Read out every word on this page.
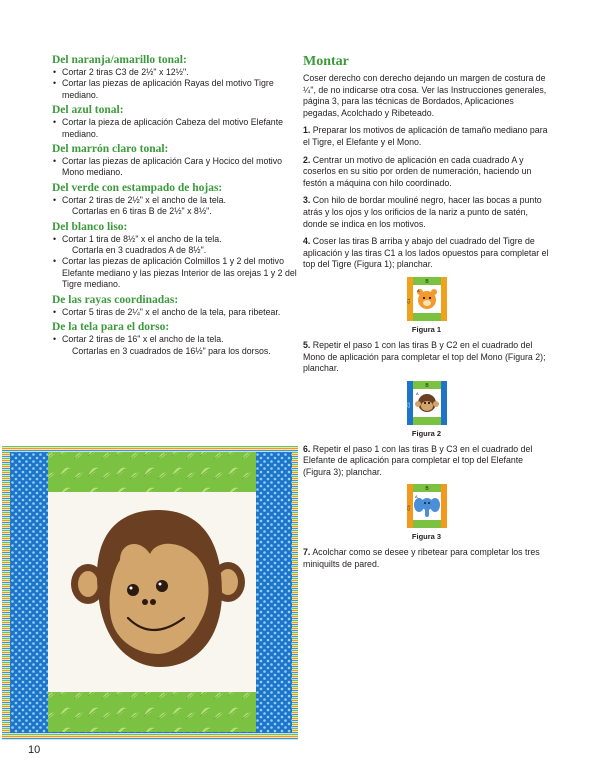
Del naranja/amarillo tonal:
• Cortar 2 tiras C3 de 2½" x 12½".
• Cortar las piezas de aplicación Rayas del motivo Tigre mediano.
Del azul tonal:
• Cortar la pieza de aplicación Cabeza del motivo Elefante mediano.
Del marrón claro tonal:
• Cortar las piezas de aplicación Cara y Hocico del motivo Mono mediano.
Del verde con estampado de hojas:
• Cortar 2 tiras de 2½" x el ancho de la tela.
Cortarlas en 6 tiras B de 2½" x 8½".
Del blanco liso:
• Cortar 1 tira de 8½" x el ancho de la tela.
Cortarla en 3 cuadrados A de 8½".
• Cortar las piezas de aplicación Colmillos 1 y 2 del motivo Elefante mediano y las piezas Interior de las orejas 1 y 2 del Tigre mediano.
De las rayas coordinadas:
• Cortar 5 tiras de 2¼" x el ancho de la tela, para ribetear.
De la tela para el dorso:
• Cortar 2 tiras de 16" x el ancho de la tela.
Cortarlas en 3 cuadrados de 16½" para los dorsos.
Montar

Coser derecho con derecho dejando un margen de costura de ¼", de no indicarse otra cosa. Ver las Instrucciones generales, página 3, para las técnicas de Bordados, Aplicaciones pegadas, Acolchado y Ribeteado.

1. Preparar los motivos de aplicación de tamaño mediano para el Tigre, el Elefante y el Mono.

2. Centrar un motivo de aplicación en cada cuadrado A y coserlos en su sitio por orden de numeración, haciendo un festón a máquina con hilo coordinado.

3. Con hilo de bordar mouliné negro, hacer las bocas a punto atrás y los ojos y los orificios de la nariz a punto de satén, donde se indica en los motivos.

4. Coser las tiras B arriba y abajo del cuadrado del Tigre de aplicación y las tiras C1 a los lados opuestos para completar el top del Tigre (Figura 1); planchar.

B
C1
A
Figura 1

5. Repetir el paso 1 con las tiras B y C2 en el cuadrado del Mono de aplicación para completar el top del Mono (Figura 2); planchar.

B
C2
A
Figura 2

6. Repetir el paso 1 con las tiras B y C3 en el cuadrado del Elefante de aplicación para completar el top del Elefante (Figura 3); planchar.

B
C3
A
Figura 3

7. Acolchar como se desee y ribetear para completar los tres miniquilts de pared.

10
